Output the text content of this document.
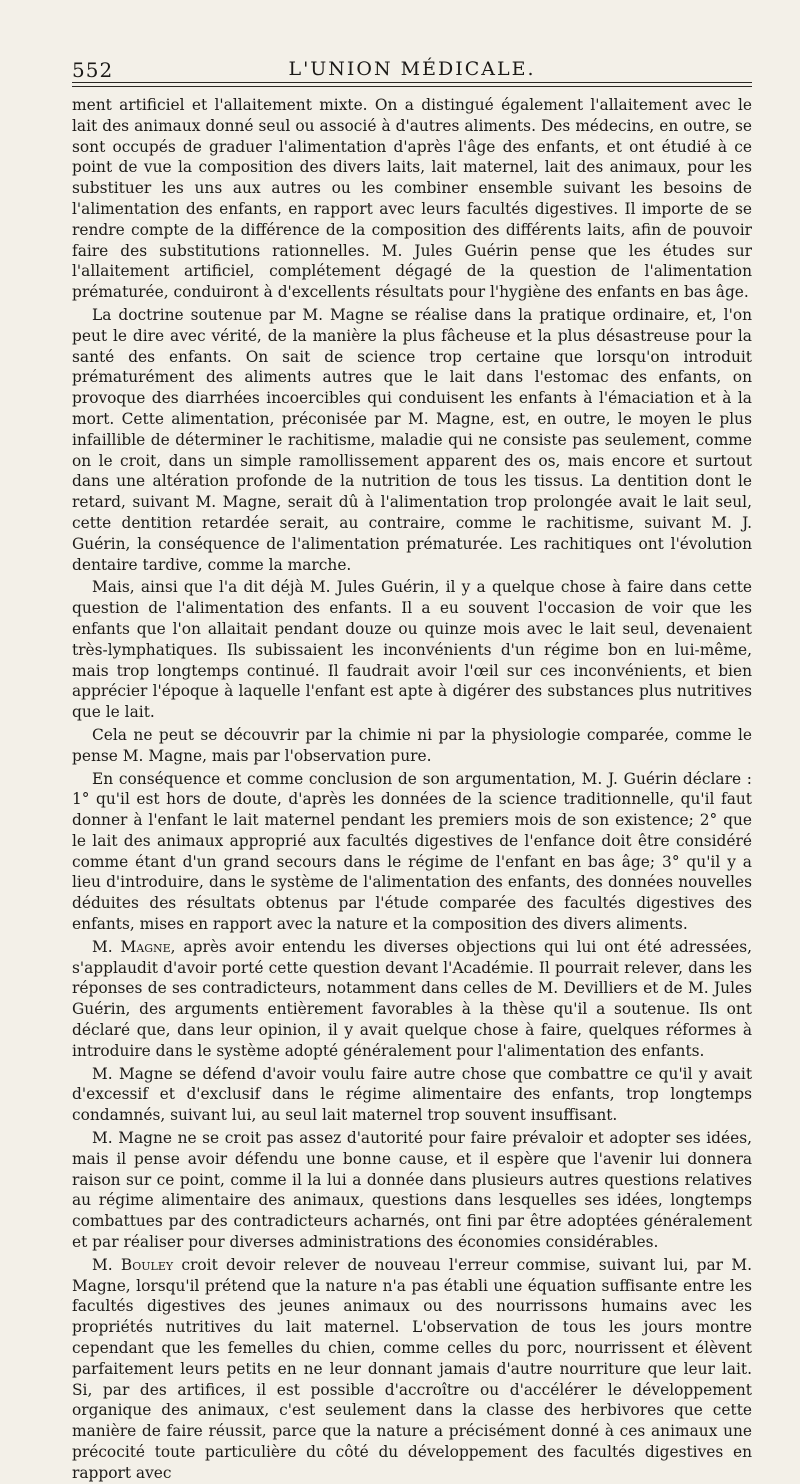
552	L'UNION MÉDICALE.

ment artificiel et l'allaitement mixte. On a distingué également l'allaitement avec le lait des animaux donné seul ou associé à d'autres aliments. Des médecins, en outre, se sont occupés de graduer l'alimentation d'après l'âge des enfants, et ont étudié à ce point de vue la composition des divers laits, lait maternel, lait des animaux, pour les substituer les uns aux autres ou les combiner ensemble suivant les besoins de l'alimentation des enfants, en rapport avec leurs facultés digestives. Il importe de se rendre compte de la différence de la composition des différents laits, afin de pouvoir faire des substitutions rationnelles. M. Jules Guérin pense que les études sur l'allaitement artificiel, complétement dégagé de la question de l'alimentation prématurée, conduiront à d'excellents résultats pour l'hygiène des enfants en bas âge.

La doctrine soutenue par M. Magne se réalise dans la pratique ordinaire, et, l'on peut le dire avec vérité, de la manière la plus fâcheuse et la plus désastreuse pour la santé des enfants. On sait de science trop certaine que lorsqu'on introduit prématurément des aliments autres que le lait dans l'estomac des enfants, on provoque des diarrhées incoercibles qui conduisent les enfants à l'émaciation et à la mort. Cette alimentation, préconisée par M. Magne, est, en outre, le moyen le plus infaillible de déterminer le rachitisme, maladie qui ne consiste pas seulement, comme on le croit, dans un simple ramollissement apparent des os, mais encore et surtout dans une altération profonde de la nutrition de tous les tissus. La dentition dont le retard, suivant M. Magne, serait dû à l'alimentation trop prolongée avait le lait seul, cette dentition retardée serait, au contraire, comme le rachitisme, suivant M. J. Guérin, la conséquence de l'alimentation prématurée. Les rachitiques ont l'évolution dentaire tardive, comme la marche.

Mais, ainsi que l'a dit déjà M. Jules Guérin, il y a quelque chose à faire dans cette question de l'alimentation des enfants. Il a eu souvent l'occasion de voir que les enfants que l'on allaitait pendant douze ou quinze mois avec le lait seul, devenaient très-lymphatiques. Ils subissaient les inconvénients d'un régime bon en lui-même, mais trop longtemps continué. Il faudrait avoir l'œil sur ces inconvénients, et bien apprécier l'époque à laquelle l'enfant est apte à digérer des substances plus nutritives que le lait.

Cela ne peut se découvrir par la chimie ni par la physiologie comparée, comme le pense M. Magne, mais par l'observation pure.

En conséquence et comme conclusion de son argumentation, M. J. Guérin déclare : 1° qu'il est hors de doute, d'après les données de la science traditionnelle, qu'il faut donner à l'enfant le lait maternel pendant les premiers mois de son existence; 2° que le lait des animaux approprié aux facultés digestives de l'enfance doit être considéré comme étant d'un grand secours dans le régime de l'enfant en bas âge; 3° qu'il y a lieu d'introduire, dans le système de l'alimentation des enfants, des données nouvelles déduites des résultats obtenus par l'étude comparée des facultés digestives des enfants, mises en rapport avec la nature et la composition des divers aliments.

M. Magne, après avoir entendu les diverses objections qui lui ont été adressées, s'applaudit d'avoir porté cette question devant l'Académie. Il pourrait relever, dans les réponses de ses contradicteurs, notamment dans celles de M. Devilliers et de M. Jules Guérin, des arguments entièrement favorables à la thèse qu'il a soutenue. Ils ont déclaré que, dans leur opinion, il y avait quelque chose à faire, quelques réformes à introduire dans le système adopté généralement pour l'alimentation des enfants.

M. Magne se défend d'avoir voulu faire autre chose que combattre ce qu'il y avait d'excessif et d'exclusif dans le régime alimentaire des enfants, trop longtemps condamnés, suivant lui, au seul lait maternel trop souvent insuffisant.

M. Magne ne se croit pas assez d'autorité pour faire prévaloir et adopter ses idées, mais il pense avoir défendu une bonne cause, et il espère que l'avenir lui donnera raison sur ce point, comme il la lui a donnée dans plusieurs autres questions relatives au régime alimentaire des animaux, questions dans lesquelles ses idées, longtemps combattues par des contradicteurs acharnés, ont fini par être adoptées généralement et par réaliser pour diverses administrations des économies considérables.

M. Bouley croit devoir relever de nouveau l'erreur commise, suivant lui, par M. Magne, lorsqu'il prétend que la nature n'a pas établi une équation suffisante entre les facultés digestives des jeunes animaux ou des nourrissons humains avec les propriétés nutritives du lait maternel. L'observation de tous les jours montre cependant que les femelles du chien, comme celles du porc, nourrissent et élèvent parfaitement leurs petits en ne leur donnant jamais d'autre nourriture que leur lait. Si, par des artifices, il est possible d'accroître ou d'accélérer le développement organique des animaux, c'est seulement dans la classe des herbivores que cette manière de faire réussit, parce que la nature a précisément donné à ces animaux une précocité toute particulière du côté du développement des facultés digestives en rapport avec
